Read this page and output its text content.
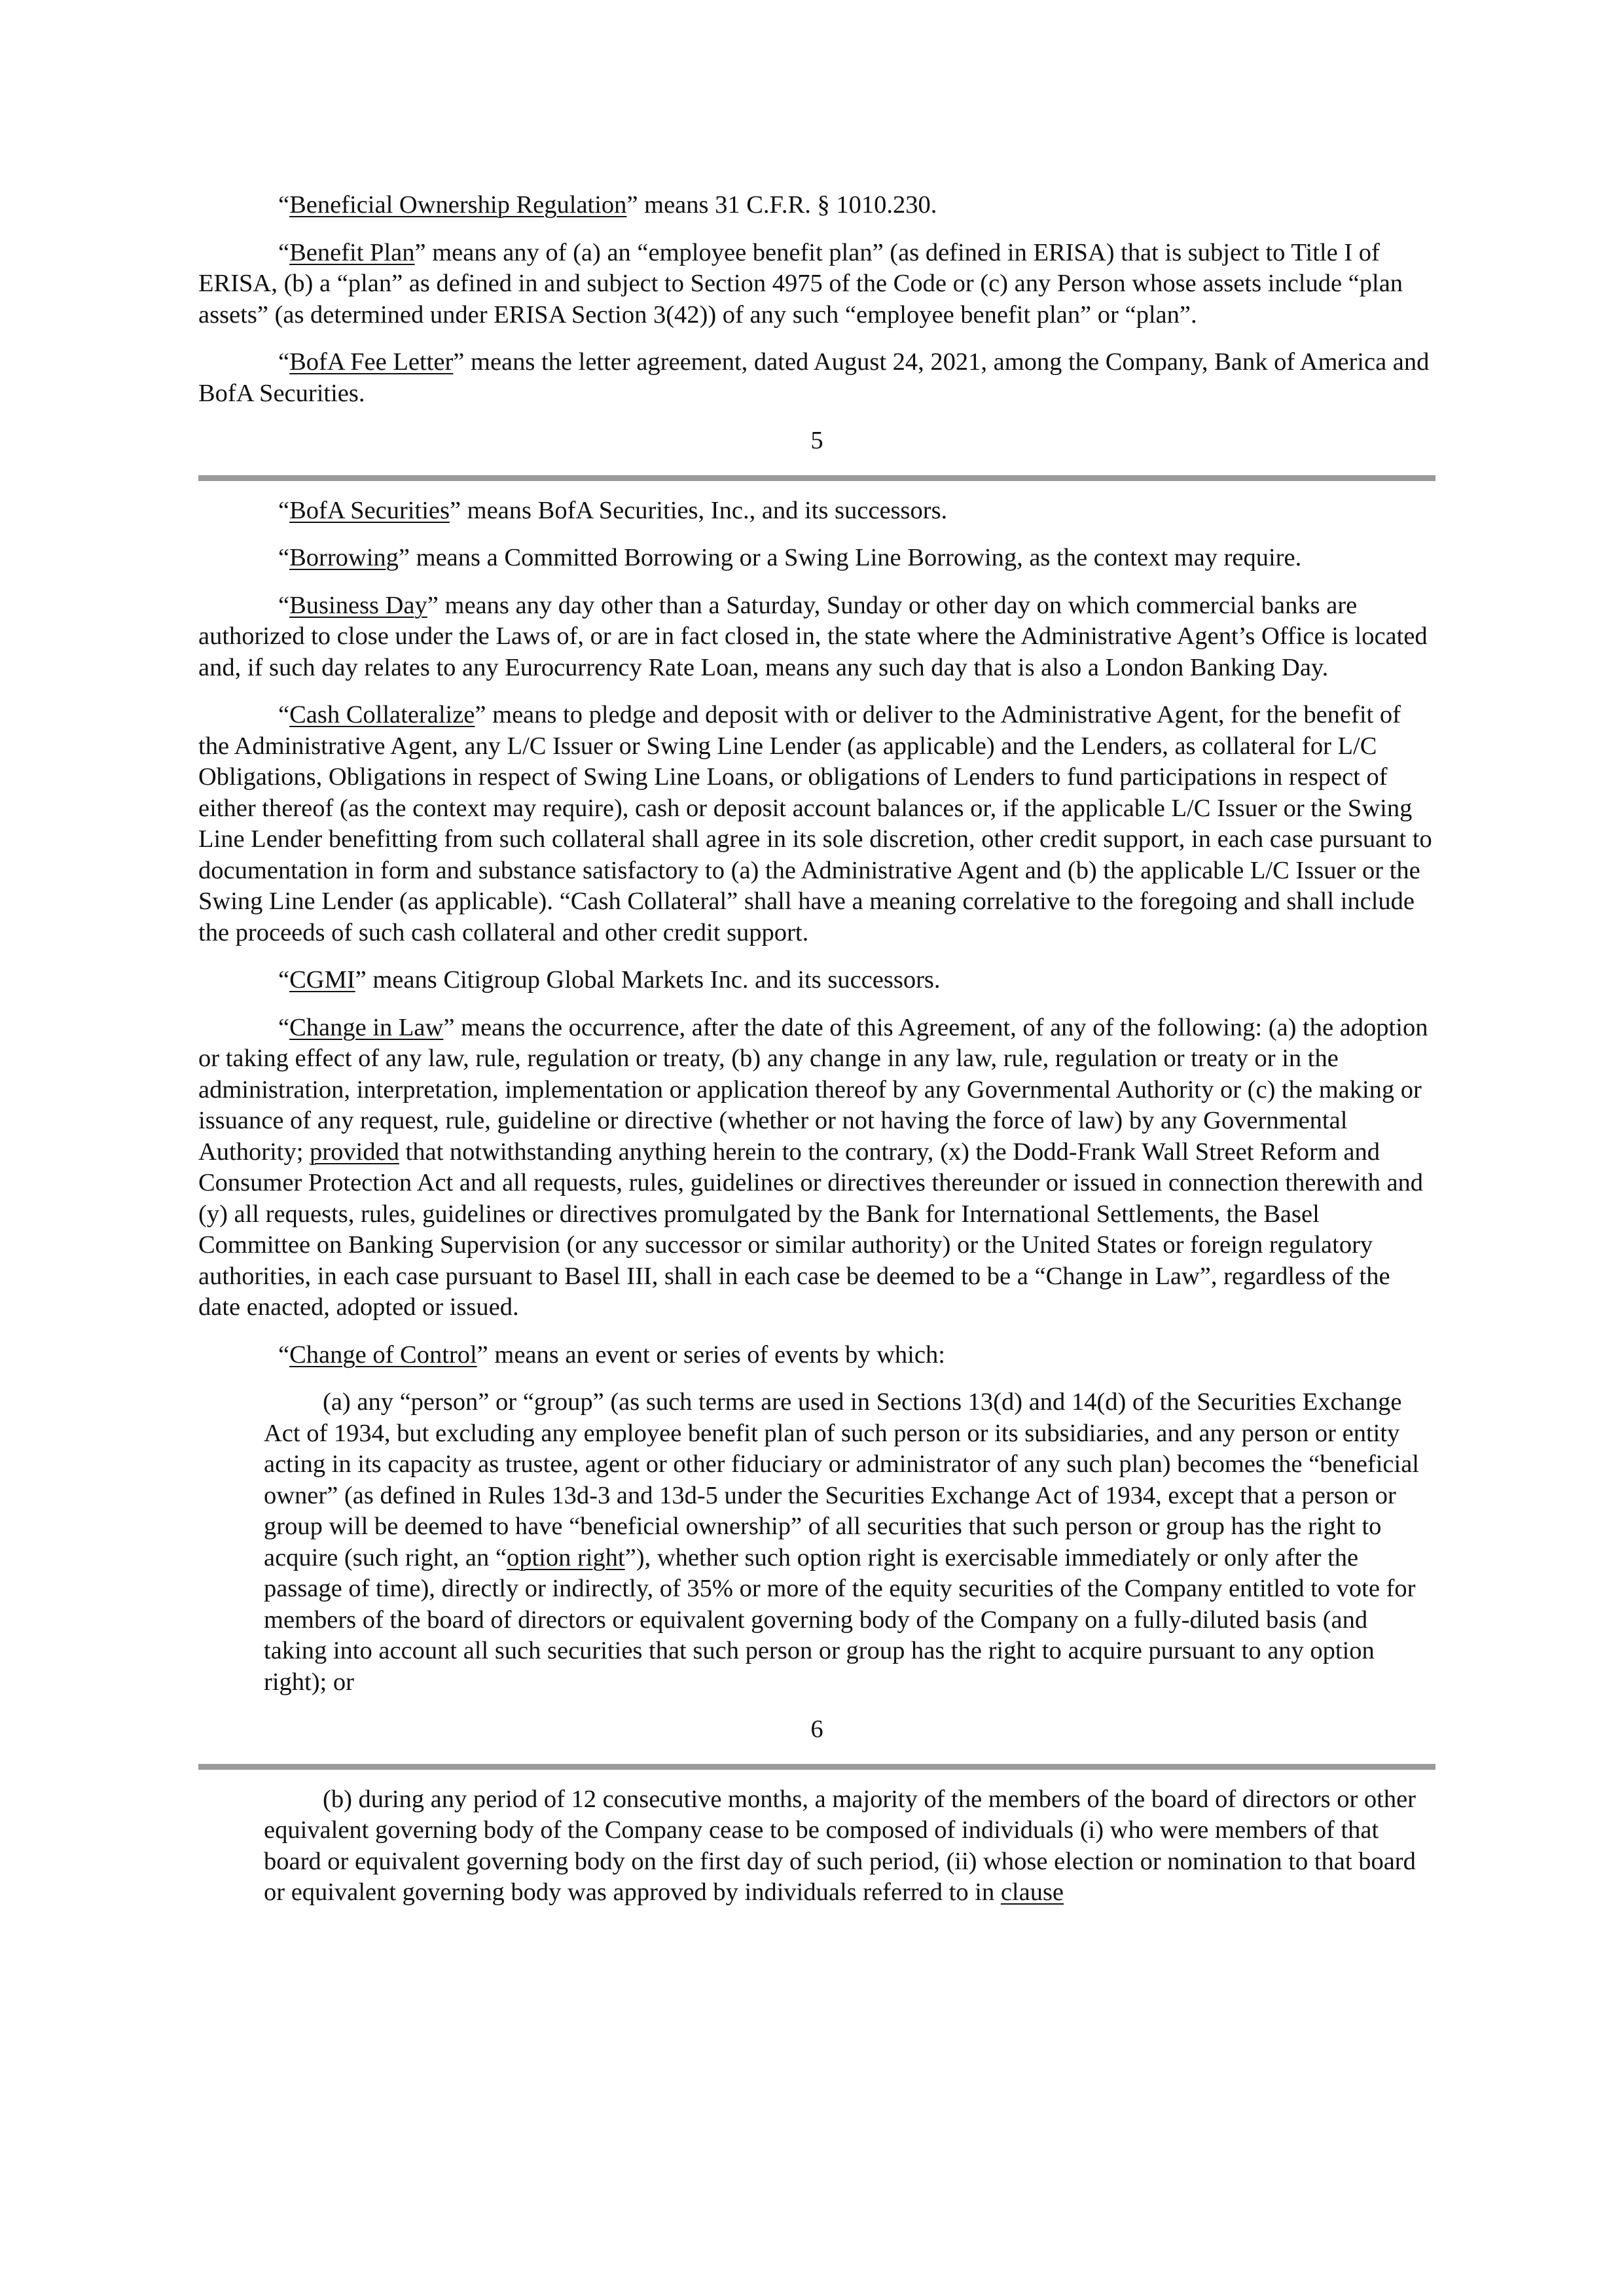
“Beneficial Ownership Regulation” means 31 C.F.R. § 1010.230.

“Benefit Plan” means any of (a) an “employee benefit plan” (as defined in ERISA) that is subject to Title I of ERISA, (b) a “plan” as defined in and subject to Section 4975 of the Code or (c) any Person whose assets include “plan assets” (as determined under ERISA Section 3(42)) of any such “employee benefit plan” or “plan”.

“BofA Fee Letter” means the letter agreement, dated August 24, 2021, among the Company, Bank of America and BofA Securities.

5

“BofA Securities” means BofA Securities, Inc., and its successors.

“Borrowing” means a Committed Borrowing or a Swing Line Borrowing, as the context may require.

“Business Day” means any day other than a Saturday, Sunday or other day on which commercial banks are authorized to close under the Laws of, or are in fact closed in, the state where the Administrative Agent’s Office is located and, if such day relates to any Eurocurrency Rate Loan, means any such day that is also a London Banking Day.

“Cash Collateralize” means to pledge and deposit with or deliver to the Administrative Agent, for the benefit of the Administrative Agent, any L/C Issuer or Swing Line Lender (as applicable) and the Lenders, as collateral for L/C Obligations, Obligations in respect of Swing Line Loans, or obligations of Lenders to fund participations in respect of either thereof (as the context may require), cash or deposit account balances or, if the applicable L/C Issuer or the Swing Line Lender benefitting from such collateral shall agree in its sole discretion, other credit support, in each case pursuant to documentation in form and substance satisfactory to (a) the Administrative Agent and (b) the applicable L/C Issuer or the Swing Line Lender (as applicable). “Cash Collateral” shall have a meaning correlative to the foregoing and shall include the proceeds of such cash collateral and other credit support.

“CGMI” means Citigroup Global Markets Inc. and its successors.

“Change in Law” means the occurrence, after the date of this Agreement, of any of the following: (a) the adoption or taking effect of any law, rule, regulation or treaty, (b) any change in any law, rule, regulation or treaty or in the administration, interpretation, implementation or application thereof by any Governmental Authority or (c) the making or issuance of any request, rule, guideline or directive (whether or not having the force of law) by any Governmental Authority; provided that notwithstanding anything herein to the contrary, (x) the Dodd-Frank Wall Street Reform and Consumer Protection Act and all requests, rules, guidelines or directives thereunder or issued in connection therewith and (y) all requests, rules, guidelines or directives promulgated by the Bank for International Settlements, the Basel Committee on Banking Supervision (or any successor or similar authority) or the United States or foreign regulatory authorities, in each case pursuant to Basel III, shall in each case be deemed to be a “Change in Law”, regardless of the date enacted, adopted or issued.

“Change of Control” means an event or series of events by which:

(a) any “person” or “group” (as such terms are used in Sections 13(d) and 14(d) of the Securities Exchange Act of 1934, but excluding any employee benefit plan of such person or its subsidiaries, and any person or entity acting in its capacity as trustee, agent or other fiduciary or administrator of any such plan) becomes the “beneficial owner” (as defined in Rules 13d-3 and 13d-5 under the Securities Exchange Act of 1934, except that a person or group will be deemed to have “beneficial ownership” of all securities that such person or group has the right to acquire (such right, an “option right”), whether such option right is exercisable immediately or only after the passage of time), directly or indirectly, of 35% or more of the equity securities of the Company entitled to vote for members of the board of directors or equivalent governing body of the Company on a fully-diluted basis (and taking into account all such securities that such person or group has the right to acquire pursuant to any option right); or

6

(b) during any period of 12 consecutive months, a majority of the members of the board of directors or other equivalent governing body of the Company cease to be composed of individuals (i) who were members of that board or equivalent governing body on the first day of such period, (ii) whose election or nomination to that board or equivalent governing body was approved by individuals referred to in clause
